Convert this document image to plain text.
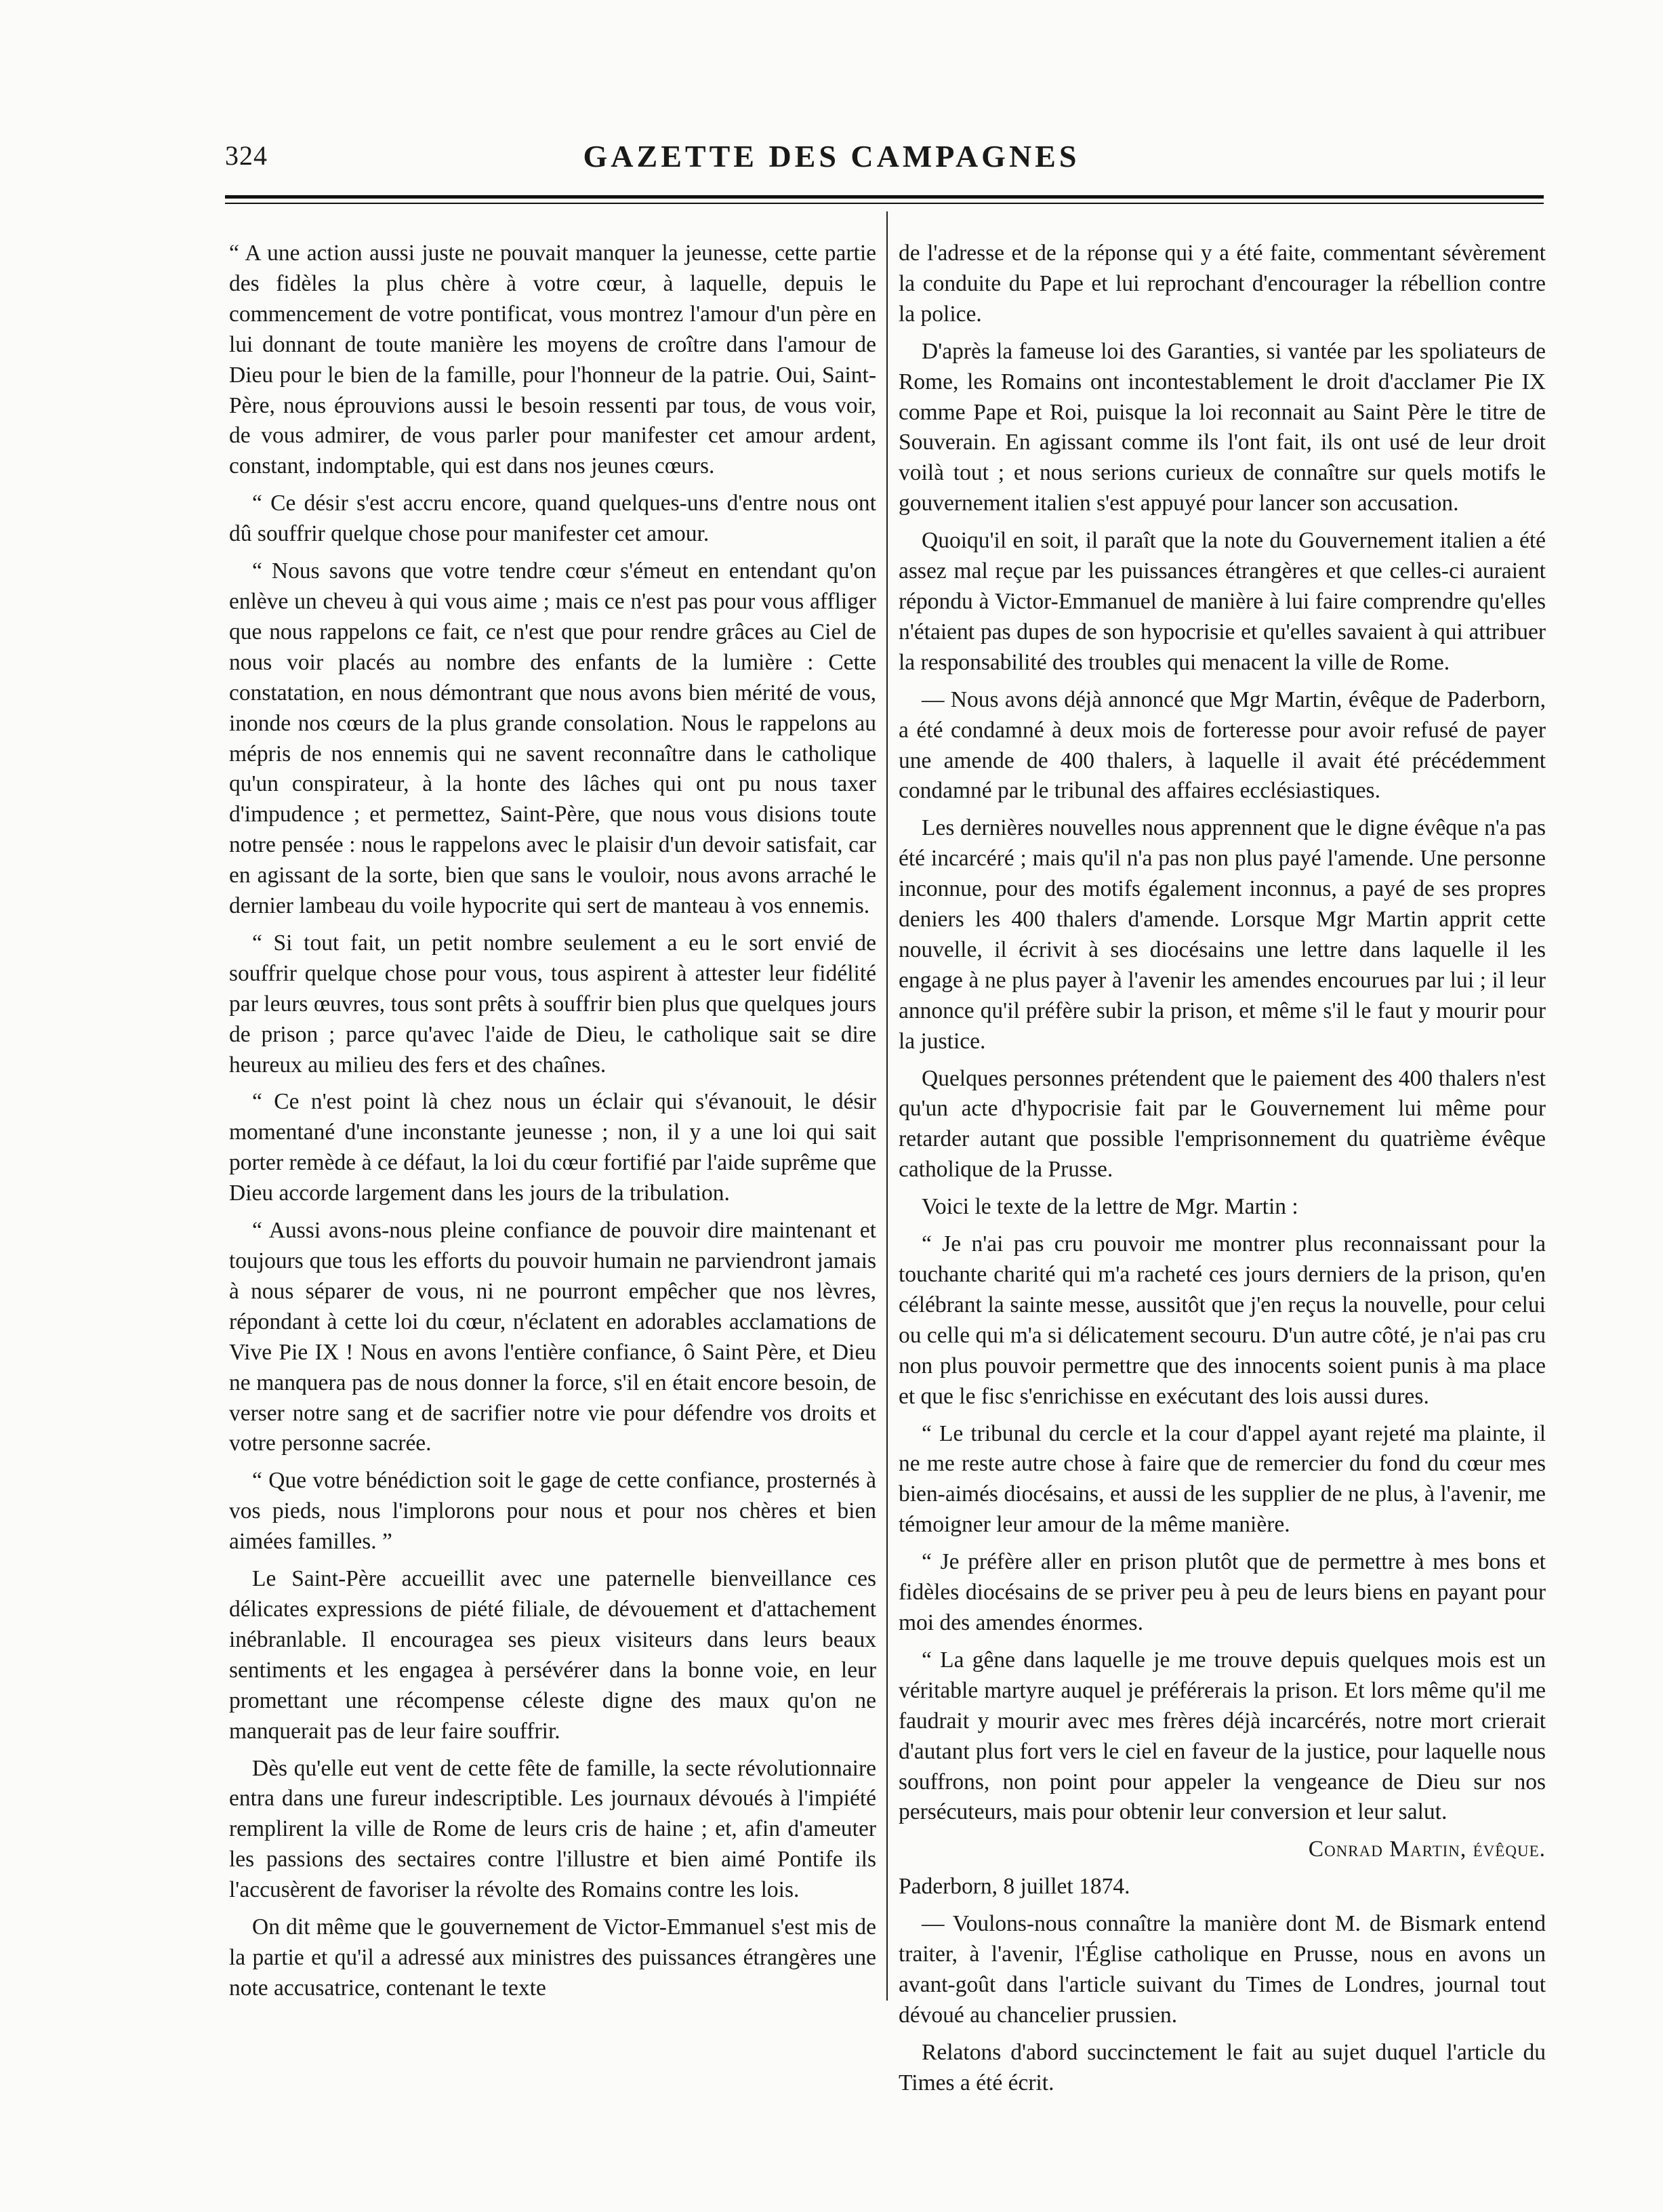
324	GAZETTE DES CAMPAGNES

“ A une action aussi juste ne pouvait manquer la jeunesse, cette partie des fidèles la plus chère à votre cœur, à laquelle, depuis le commencement de votre pontificat, vous montrez l'amour d'un père en lui donnant de toute manière les moyens de croître dans l'amour de Dieu pour le bien de la famille, pour l'honneur de la patrie. Oui, Saint-Père, nous éprouvions aussi le besoin ressenti par tous, de vous voir, de vous admirer, de vous parler pour manifester cet amour ardent, constant, indomptable, qui est dans nos jeunes cœurs.

“ Ce désir s'est accru encore, quand quelques-uns d'entre nous ont dû souffrir quelque chose pour manifester cet amour.

“ Nous savons que votre tendre cœur s'émeut en entendant qu'on enlève un cheveu à qui vous aime ; mais ce n'est pas pour vous affliger que nous rappelons ce fait, ce n'est que pour rendre grâces au Ciel de nous voir placés au nombre des enfants de la lumière : Cette constatation, en nous démontrant que nous avons bien mérité de vous, inonde nos cœurs de la plus grande consolation. Nous le rappelons au mépris de nos ennemis qui ne savent reconnaître dans le catholique qu'un conspirateur, à la honte des lâches qui ont pu nous taxer d'impudence ; et permettez, Saint-Père, que nous vous disions toute notre pensée : nous le rappelons avec le plaisir d'un devoir satisfait, car en agissant de la sorte, bien que sans le vouloir, nous avons arraché le dernier lambeau du voile hypocrite qui sert de manteau à vos ennemis.

“ Si tout fait, un petit nombre seulement a eu le sort envié de souffrir quelque chose pour vous, tous aspirent à attester leur fidélité par leurs œuvres, tous sont prêts à souffrir bien plus que quelques jours de prison ; parce qu'avec l'aide de Dieu, le catholique sait se dire heureux au milieu des fers et des chaînes.

“ Ce n'est point là chez nous un éclair qui s'évanouit, le désir momentané d'une inconstante jeunesse ; non, il y a une loi qui sait porter remède à ce défaut, la loi du cœur fortifié par l'aide suprême que Dieu accorde largement dans les jours de la tribulation.

“ Aussi avons-nous pleine confiance de pouvoir dire maintenant et toujours que tous les efforts du pouvoir humain ne parviendront jamais à nous séparer de vous, ni ne pourront empêcher que nos lèvres, répondant à cette loi du cœur, n'éclatent en adorables acclamations de Vive Pie IX ! Nous en avons l'entière confiance, ô Saint Père, et Dieu ne manquera pas de nous donner la force, s'il en était encore besoin, de verser notre sang et de sacrifier notre vie pour défendre vos droits et votre personne sacrée.

“ Que votre bénédiction soit le gage de cette confiance, prosternés à vos pieds, nous l'implorons pour nous et pour nos chères et bien aimées familles. ”

Le Saint-Père accueillit avec une paternelle bienveillance ces délicates expressions de piété filiale, de dévouement et d'attachement inébranlable. Il encouragea ses pieux visiteurs dans leurs beaux sentiments et les engagea à persévérer dans la bonne voie, en leur promettant une récompense céleste digne des maux qu'on ne manquerait pas de leur faire souffrir.

Dès qu'elle eut vent de cette fête de famille, la secte révolutionnaire entra dans une fureur indescriptible. Les journaux dévoués à l'impiété remplirent la ville de Rome de leurs cris de haine ; et, afin d'ameuter les passions des sectaires contre l'illustre et bien aimé Pontife ils l'accusèrent de favoriser la révolte des Romains contre les lois.

On dit même que le gouvernement de Victor-Emmanuel s'est mis de la partie et qu'il a adressé aux ministres des puissances étrangères une note accusatrice, contenant le texte

de l'adresse et de la réponse qui y a été faite, commentant sévèrement la conduite du Pape et lui reprochant d'encourager la rébellion contre la police.

D'après la fameuse loi des Garanties, si vantée par les spoliateurs de Rome, les Romains ont incontestablement le droit d'acclamer Pie IX comme Pape et Roi, puisque la loi reconnait au Saint Père le titre de Souverain. En agissant comme ils l'ont fait, ils ont usé de leur droit voilà tout ; et nous serions curieux de connaître sur quels motifs le gouvernement italien s'est appuyé pour lancer son accusation.

Quoiqu'il en soit, il paraît que la note du Gouvernement italien a été assez mal reçue par les puissances étrangères et que celles-ci auraient répondu à Victor-Emmanuel de manière à lui faire comprendre qu'elles n'étaient pas dupes de son hypocrisie et qu'elles savaient à qui attribuer la responsabilité des troubles qui menacent la ville de Rome.

— Nous avons déjà annoncé que Mgr Martin, évêque de Paderborn, a été condamné à deux mois de forteresse pour avoir refusé de payer une amende de 400 thalers, à laquelle il avait été précédemment condamné par le tribunal des affaires ecclésiastiques.

Les dernières nouvelles nous apprennent que le digne évêque n'a pas été incarcéré ; mais qu'il n'a pas non plus payé l'amende. Une personne inconnue, pour des motifs également inconnus, a payé de ses propres deniers les 400 thalers d'amende. Lorsque Mgr Martin apprit cette nouvelle, il écrivit à ses diocésains une lettre dans laquelle il les engage à ne plus payer à l'avenir les amendes encourues par lui ; il leur annonce qu'il préfère subir la prison, et même s'il le faut y mourir pour la justice.

Quelques personnes prétendent que le paiement des 400 thalers n'est qu'un acte d'hypocrisie fait par le Gouvernement lui même pour retarder autant que possible l'emprisonnement du quatrième évêque catholique de la Prusse.

Voici le texte de la lettre de Mgr. Martin :

“ Je n'ai pas cru pouvoir me montrer plus reconnaissant pour la touchante charité qui m'a racheté ces jours derniers de la prison, qu'en célébrant la sainte messe, aussitôt que j'en reçus la nouvelle, pour celui ou celle qui m'a si délicatement secouru. D'un autre côté, je n'ai pas cru non plus pouvoir permettre que des innocents soient punis à ma place et que le fisc s'enrichisse en exécutant des lois aussi dures.

“ Le tribunal du cercle et la cour d'appel ayant rejeté ma plainte, il ne me reste autre chose à faire que de remercier du fond du cœur mes bien-aimés diocésains, et aussi de les supplier de ne plus, à l'avenir, me témoigner leur amour de la même manière.

“ Je préfère aller en prison plutôt que de permettre à mes bons et fidèles diocésains de se priver peu à peu de leurs biens en payant pour moi des amendes énormes.

“ La gêne dans laquelle je me trouve depuis quelques mois est un véritable martyre auquel je préférerais la prison. Et lors même qu'il me faudrait y mourir avec mes frères déjà incarcérés, notre mort crierait d'autant plus fort vers le ciel en faveur de la justice, pour laquelle nous souffrons, non point pour appeler la vengeance de Dieu sur nos persécuteurs, mais pour obtenir leur conversion et leur salut.

Conrad Martin, évêque.

Paderborn, 8 juillet 1874.

— Voulons-nous connaître la manière dont M. de Bismark entend traiter, à l'avenir, l'Église catholique en Prusse, nous en avons un avant-goût dans l'article suivant du Times de Londres, journal tout dévoué au chancelier prussien.

Relatons d'abord succinctement le fait au sujet duquel l'article du Times a été écrit.
